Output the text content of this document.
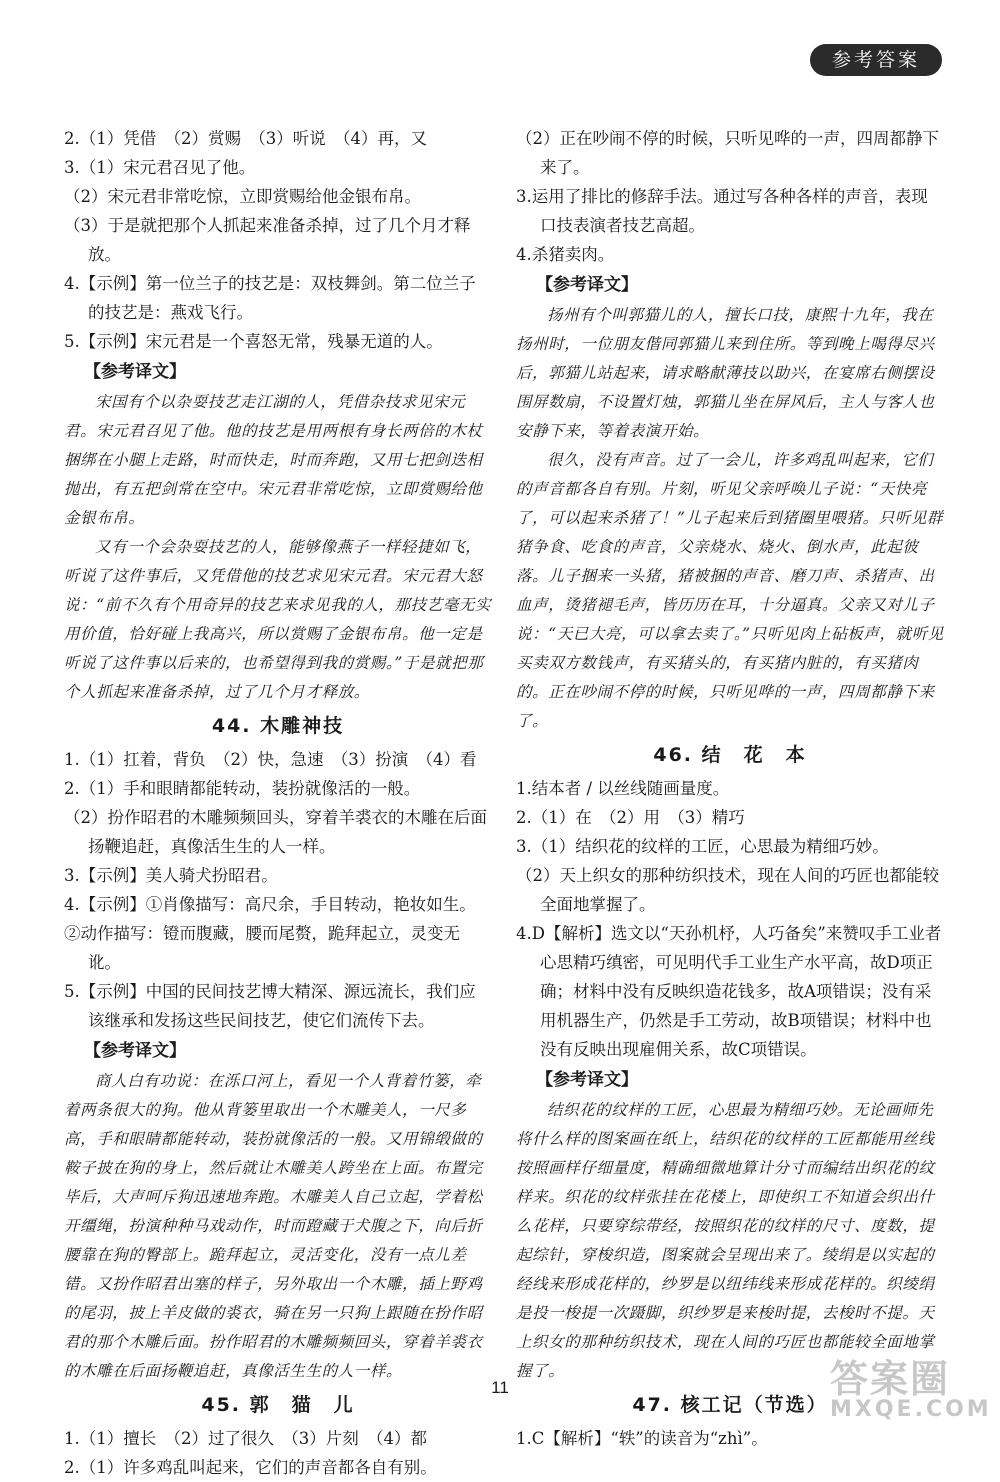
参考答案

2.（1）凭借　（2）赏赐　（3）听说　（4）再，又

3.（1）宋元君召见了他。

（2）宋元君非常吃惊，立即赏赐给他金银布帛。

（3）于是就把那个人抓起来准备杀掉，过了几个月才释放。

4.【示例】第一位兰子的技艺是：双枝舞剑。第二位兰子的技艺是：燕戏飞行。

5.【示例】宋元君是一个喜怒无常，残暴无道的人。

【参考译文】

宋国有个以杂耍技艺走江湖的人，凭借杂技求见宋元君。宋元君召见了他。他的技艺是用两根有身长两倍的木杖捆绑在小腿上走路，时而快走，时而奔跑，又用七把剑迭相抛出，有五把剑常在空中。宋元君非常吃惊，立即赏赐给他金银布帛。

又有一个会杂耍技艺的人，能够像燕子一样轻捷如飞，听说了这件事后，又凭借他的技艺求见宋元君。宋元君大怒说：“前不久有个用奇异的技艺来求见我的人，那技艺毫无实用价值，恰好碰上我高兴，所以赏赐了金银布帛。他一定是听说了这件事以后来的，也希望得到我的赏赐。”于是就把那个人抓起来准备杀掉，过了几个月才释放。

44. 木雕神技

1.（1）扛着，背负　（2）快，急速　（3）扮演　（4）看

2.（1）手和眼睛都能转动，装扮就像活的一般。

（2）扮作昭君的木雕频频回头，穿着羊裘衣的木雕在后面扬鞭追赶，真像活生生的人一样。

3.【示例】美人骑犬扮昭君。

4.【示例】①肖像描写：高尺余，手目转动，艳妆如生。

②动作描写：镫而腹藏，腰而尾赘，跪拜起立，灵变无讹。

5.【示例】中国的民间技艺博大精深、源远流长，我们应该继承和发扬这些民间技艺，使它们流传下去。

【参考译文】

商人白有功说：在泺口河上，看见一个人背着竹篓，牵着两条很大的狗。他从背篓里取出一个木雕美人，一尺多高，手和眼睛都能转动，装扮就像活的一般。又用锦缎做的鞍子披在狗的身上，然后就让木雕美人跨坐在上面。布置完毕后，大声呵斥狗迅速地奔跑。木雕美人自己立起，学着松开缰绳，扮演种种马戏动作，时而蹬藏于犬腹之下，向后折腰靠在狗的臀部上。跪拜起立，灵活变化，没有一点儿差错。又扮作昭君出塞的样子，另外取出一个木雕，插上野鸡的尾羽，披上羊皮做的裘衣，骑在另一只狗上跟随在扮作昭君的那个木雕后面。扮作昭君的木雕频频回头，穿着羊裘衣的木雕在后面扬鞭追赶，真像活生生的人一样。

45. 郭　猫　儿

1.（1）擅长　（2）过了很久　（3）片刻　（4）都

2.（1）许多鸡乱叫起来，它们的声音都各自有别。

（2）正在吵闹不停的时候，只听见哗的一声，四周都静下来了。

3.运用了排比的修辞手法。通过写各种各样的声音，表现口技表演者技艺高超。

4.杀猪卖肉。

【参考译文】

扬州有个叫郭猫儿的人，擅长口技，康熙十九年，我在扬州时，一位朋友偕同郭猫儿来到住所。等到晚上喝得尽兴后，郭猫儿站起来，请求略献薄技以助兴，在宴席右侧摆设围屏数扇，不设置灯烛，郭猫儿坐在屏风后，主人与客人也安静下来，等着表演开始。

很久，没有声音。过了一会儿，许多鸡乱叫起来，它们的声音都各自有别。片刻，听见父亲呼唤儿子说：“天快亮了，可以起来杀猪了！”儿子起来后到猪圈里喂猪。只听见群猪争食、吃食的声音，父亲烧水、烧火、倒水声，此起彼落。儿子捆来一头猪，猪被捆的声音、磨刀声、杀猪声、出血声，烫猪褪毛声，皆历历在耳，十分逼真。父亲又对儿子说：“天已大亮，可以拿去卖了。”只听见肉上砧板声，就听见买卖双方数钱声，有买猪头的，有买猪内脏的，有买猪肉的。正在吵闹不停的时候，只听见哗的一声，四周都静下来了。

46. 结　花　本

1.结本者 / 以丝线随画量度。

2.（1）在　（2）用　（3）精巧

3.（1）结织花的纹样的工匠，心思最为精细巧妙。

（2）天上织女的那种纺织技术，现在人间的巧匠也都能较全面地掌握了。

4.D【解析】选文以“天孙机杼，人巧备矣”来赞叹手工业者心思精巧缜密，可见明代手工业生产水平高，故D项正确；材料中没有反映织造花钱多，故A项错误；没有采用机器生产，仍然是手工劳动，故B项错误；材料中也没有反映出现雇佣关系，故C项错误。

【参考译文】

结织花的纹样的工匠，心思最为精细巧妙。无论画师先将什么样的图案画在纸上，结织花的纹样的工匠都能用丝线按照画样仔细量度，精确细微地算计分寸而编结出织花的纹样来。织花的纹样张挂在花楼上，即使织工不知道会织出什么花样，只要穿综带经，按照织花的纹样的尺寸、度数，提起综针，穿梭织造，图案就会呈现出来了。绫绢是以实起的经线来形成花样的，纱罗是以纽纬线来形成花样的。织绫绢是投一梭提一次蹑脚，织纱罗是来梭时提，去梭时不提。天上织女的那种纺织技术，现在人间的巧匠也都能较全面地掌握了。

47. 核工记（节选）

1.C【解析】“轶”的读音为“zhì”。

11	答案圈
MXQE.COM
